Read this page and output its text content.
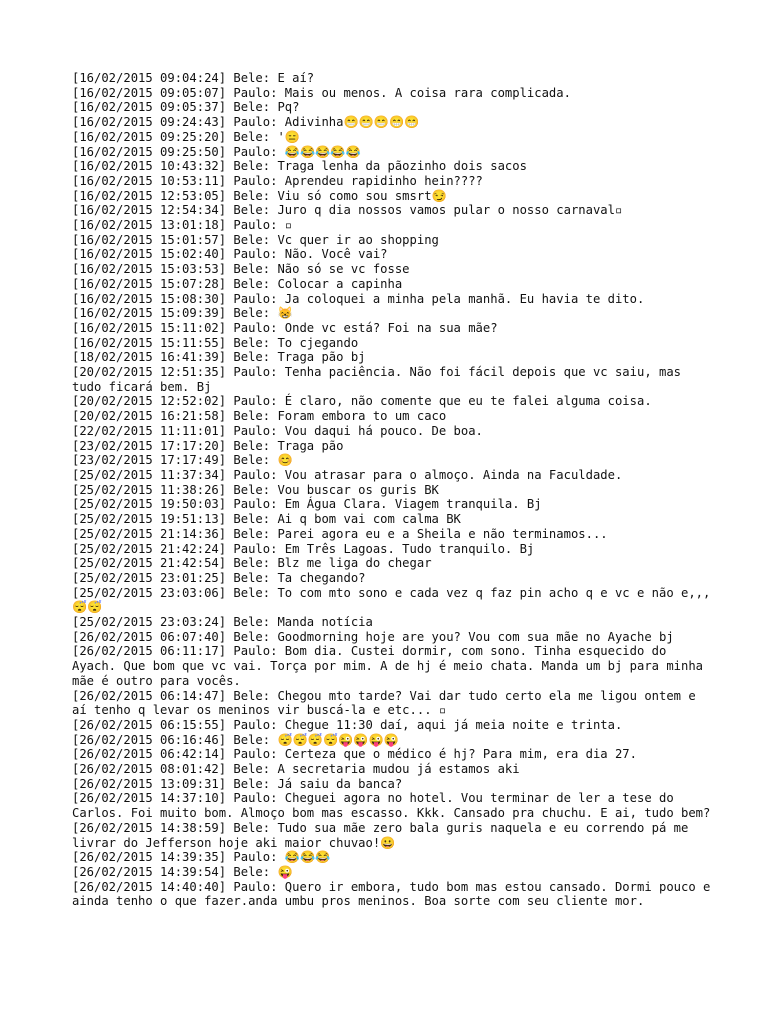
[16/02/2015 09:04:24] Bele: E aí?
[16/02/2015 09:05:07] Paulo: Mais ou menos. A coisa rara complicada.
[16/02/2015 09:05:37] Bele: Pq?
[16/02/2015 09:24:43] Paulo: Adivinha😁😁😁😁😁
[16/02/2015 09:25:20] Bele: '😑
[16/02/2015 09:25:50] Paulo: 😂😂😂😂😂
[16/02/2015 10:43:32] Bele: Traga lenha da pãozinho dois sacos
[16/02/2015 10:53:11] Paulo: Aprendeu rapidinho hein????
[16/02/2015 12:53:05] Bele: Viu só como sou smsrt😏
[16/02/2015 12:54:34] Bele: Juro q dia nossos vamos pular o nosso carnaval▫
[16/02/2015 13:01:18] Paulo: ▫
[16/02/2015 15:01:57] Bele: Vc quer ir ao shopping
[16/02/2015 15:02:40] Paulo: Não. Você vai?
[16/02/2015 15:03:53] Bele: Não só se vc fosse
[16/02/2015 15:07:28] Bele: Colocar a capinha
[16/02/2015 15:08:30] Paulo: Ja coloquei a minha pela manhã. Eu havia te dito.
[16/02/2015 15:09:39] Bele: 😸
[16/02/2015 15:11:02] Paulo: Onde vc está? Foi na sua mãe?
[16/02/2015 15:11:55] Bele: To cjegando
[18/02/2015 16:41:39] Bele: Traga pão bj
[20/02/2015 12:51:35] Paulo: Tenha paciência. Não foi fácil depois que vc saiu, mas tudo ficará bem. Bj
[20/02/2015 12:52:02] Paulo: É claro, não comente que eu te falei alguma coisa.
[20/02/2015 16:21:58] Bele: Foram embora to um caco
[22/02/2015 11:11:01] Paulo: Vou daqui há pouco. De boa.
[23/02/2015 17:17:20] Bele: Traga pão
[23/02/2015 17:17:49] Bele: 😊
[25/02/2015 11:37:34] Paulo: Vou atrasar para o almoço. Ainda na Faculdade.
[25/02/2015 11:38:26] Bele: Vou buscar os guris BK
[25/02/2015 19:50:03] Paulo: Em Água Clara. Viagem tranquila. Bj
[25/02/2015 19:51:13] Bele: Ai q bom vai com calma BK
[25/02/2015 21:14:36] Bele: Parei agora eu e a Sheila e não terminamos...
[25/02/2015 21:42:24] Paulo: Em Três Lagoas. Tudo tranquilo. Bj
[25/02/2015 21:42:54] Bele: Blz me liga do chegar
[25/02/2015 23:01:25] Bele: Ta chegando?
[25/02/2015 23:03:06] Bele: To com mto sono e cada vez q faz pin acho q e vc e não e,,,  😴😴
[25/02/2015 23:03:24] Bele: Manda notícia
[26/02/2015 06:07:40] Bele: Goodmorning hoje are you? Vou com sua mãe no Ayache bj
[26/02/2015 06:11:17] Paulo: Bom dia. Custei dormir, com sono. Tinha esquecido do Ayach. Que bom que vc vai. Torça por mim. A de hj é meio chata. Manda um bj para minha mãe é outro para vocês.
[26/02/2015 06:14:47] Bele: Chegou mto tarde? Vai dar tudo certo ela me ligou ontem e aí tenho q levar os meninos vir buscá-la e etc... ▫
[26/02/2015 06:15:55] Paulo: Chegue 11:30 daí, aqui já meia noite e trinta.
[26/02/2015 06:16:46] Bele: 😴😴😴😴😜😜😜😜
[26/02/2015 06:42:14] Paulo: Certeza que o médico é hj? Para mim, era dia 27.
[26/02/2015 08:01:42] Bele: A secretaria mudou já estamos aki
[26/02/2015 13:09:31] Bele: Já saiu da banca?
[26/02/2015 14:37:10] Paulo: Cheguei agora no hotel. Vou terminar de ler a tese do Carlos. Foi muito bom. Almoço bom mas escasso. Kkk. Cansado pra chuchu. E ai, tudo bem?
[26/02/2015 14:38:59] Bele: Tudo sua mãe zero bala guris naquela e eu correndo pá me livrar do Jefferson hoje aki maior chuvao!😀
[26/02/2015 14:39:35] Paulo: 😂😂😂
[26/02/2015 14:39:54] Bele: 😜
[26/02/2015 14:40:40] Paulo: Quero ir embora, tudo bom mas estou cansado. Dormi pouco e ainda tenho o que fazer.anda umbu pros meninos. Boa sorte com seu cliente mor.
